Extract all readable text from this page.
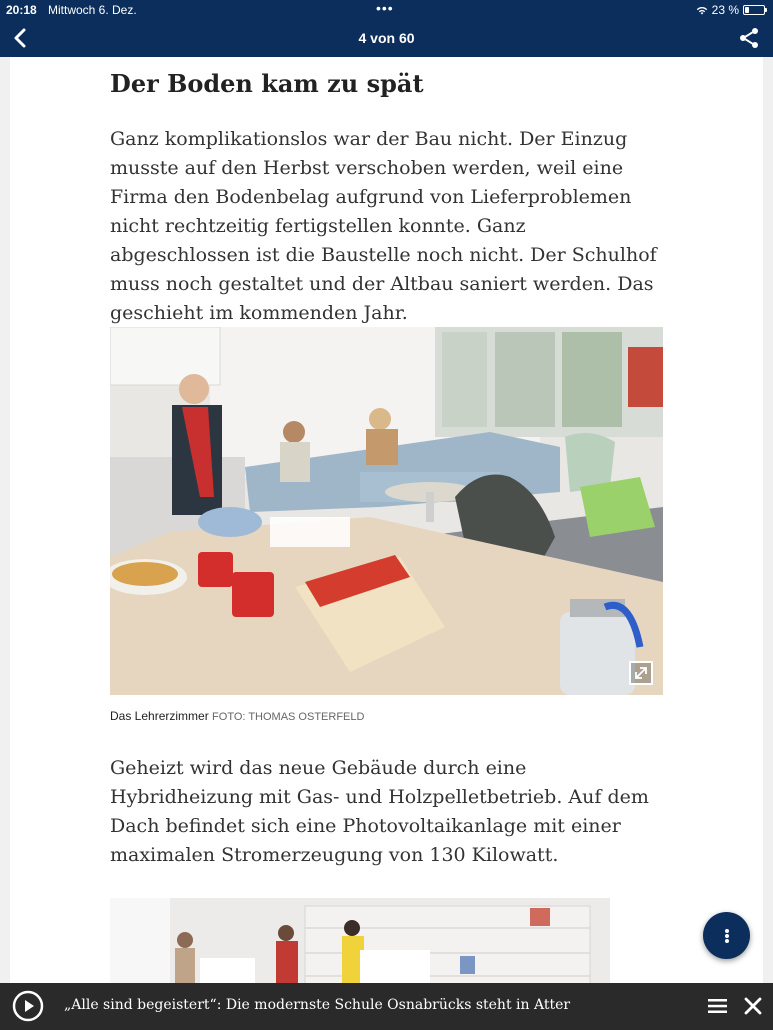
20:18 Mittwoch 6. Dez.	•••	23 %
4 von 60
Der Boden kam zu spät

Ganz komplikationslos war der Bau nicht. Der Einzug musste auf den Herbst verschoben werden, weil eine Firma den Bodenbelag aufgrund von Lieferproblemen nicht rechtzeitig fertigstellen konnte. Ganz abgeschlossen ist die Baustelle noch nicht. Der Schulhof muss noch gestaltet und der Altbau saniert werden. Das geschieht im kommenden Jahr.

Das Lehrerzimmer FOTO: THOMAS OSTERFELD

Geheizt wird das neue Gebäude durch eine Hybridheizung mit Gas- und Holzpelletbetrieb. Auf dem Dach befindet sich eine Photovoltaikanlage mit einer maximalen Stromerzeugung von 130 Kilowatt.

„Alle sind begeistert“: Die modernste Schule Osnabrücks steht in Atter
